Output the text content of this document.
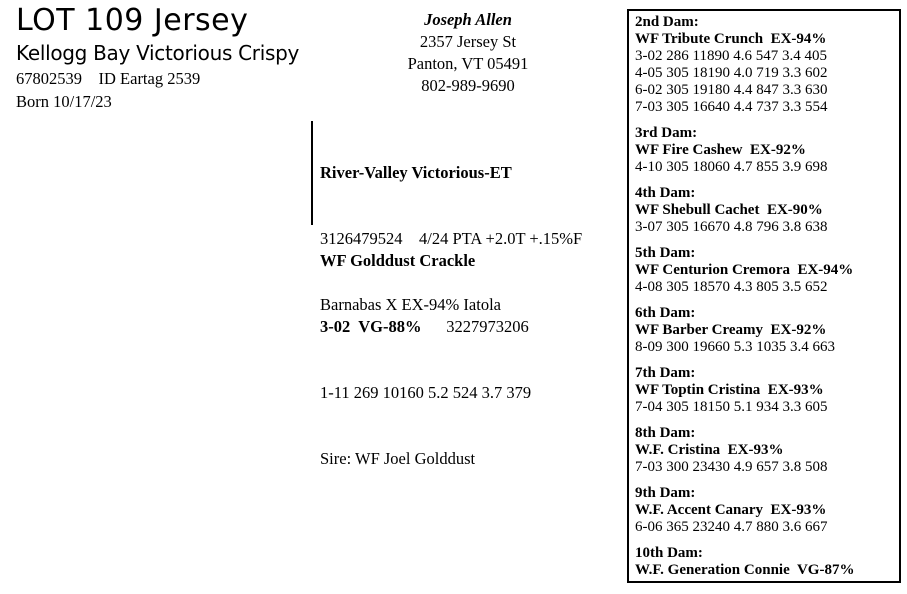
LOT 109 Jersey
Kellogg Bay Victorious Crispy
67802539    ID Eartag 2539
Born 10/17/23
Joseph Allen
2357 Jersey St
Panton, VT 05491
802-989-9690

River-Valley Victorious-ET

3126479524    4/24 PTA +2.0T +.15%F

Barnabas X EX-94% Iatola

WF Golddust Crackle

3-02  VG-88% 3227973206

1-11 269 10160 5.2 524 3.7 379

Sire: WF Joel Golddust

2nd Dam:
WF Tribute Crunch  EX-94%
3-02 286 11890 4.6 547 3.4 405
4-05 305 18190 4.0 719 3.3 602
6-02 305 19180 4.4 847 3.3 630
7-03 305 16640 4.4 737 3.3 554
3rd Dam:
WF Fire Cashew  EX-92%
4-10 305 18060 4.7 855 3.9 698
4th Dam:
WF Shebull Cachet  EX-90%
3-07 305 16670 4.8 796 3.8 638
5th Dam:
WF Centurion Cremora  EX-94%
4-08 305 18570 4.3 805 3.5 652
6th Dam:
WF Barber Creamy  EX-92%
8-09 300 19660 5.3 1035 3.4 663
7th Dam:
WF Toptin Cristina  EX-93%
7-04 305 18150 5.1 934 3.3 605
8th Dam:
W.F. Cristina  EX-93%
7-03 300 23430 4.9 657 3.8 508
9th Dam:
W.F. Accent Canary  EX-93%
6-06 365 23240 4.7 880 3.6 667
10th Dam:
W.F. Generation Connie  VG-87%
